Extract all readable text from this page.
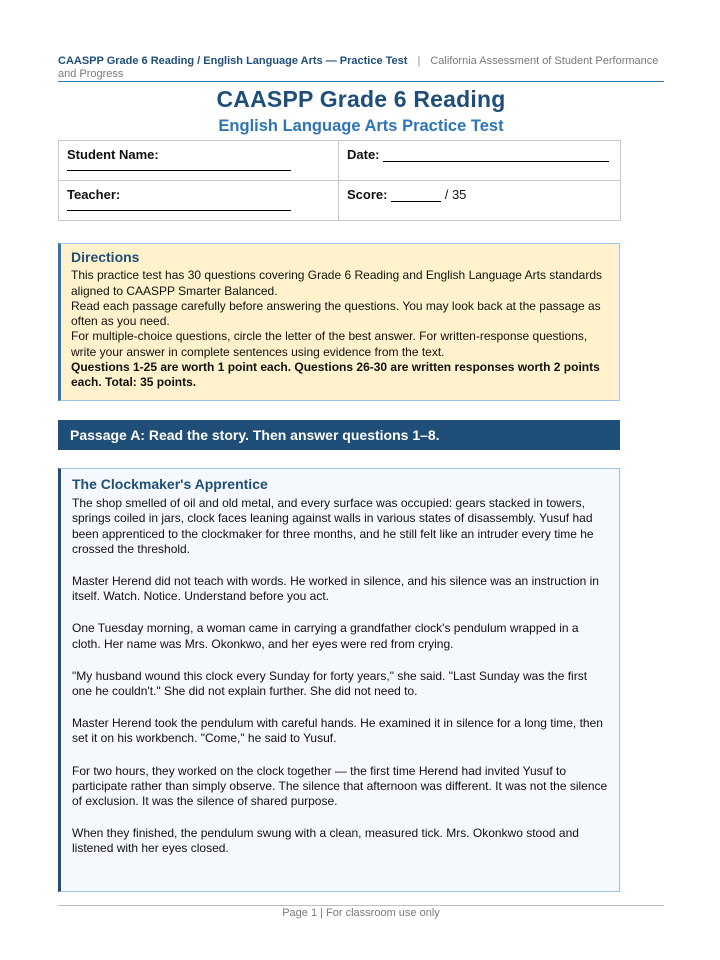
CAASPP Grade 6 Reading / English Language Arts — Practice Test | California Assessment of Student Performance and Progress
CAASPP Grade 6 Reading
English Language Arts Practice Test
Student Name:	Date:
Teacher:	Score: / 35
Directions

This practice test has 30 questions covering Grade 6 Reading and English Language Arts standards aligned to CAASPP Smarter Balanced.

Read each passage carefully before answering the questions. You may look back at the passage as often as you need.

For multiple-choice questions, circle the letter of the best answer. For written-response questions, write your answer in complete sentences using evidence from the text.

Questions 1-25 are worth 1 point each. Questions 26-30 are written responses worth 2 points each. Total: 35 points.

Passage A: Read the story. Then answer questions 1–8.
The Clockmaker's Apprentice

The shop smelled of oil and old metal, and every surface was occupied: gears stacked in towers, springs coiled in jars, clock faces leaning against walls in various states of disassembly. Yusuf had been apprenticed to the clockmaker for three months, and he still felt like an intruder every time he crossed the threshold.

Master Herend did not teach with words. He worked in silence, and his silence was an instruction in itself. Watch. Notice. Understand before you act.

One Tuesday morning, a woman came in carrying a grandfather clock's pendulum wrapped in a cloth. Her name was Mrs. Okonkwo, and her eyes were red from crying.

"My husband wound this clock every Sunday for forty years," she said. "Last Sunday was the first one he couldn't." She did not explain further. She did not need to.

Master Herend took the pendulum with careful hands. He examined it in silence for a long time, then set it on his workbench. "Come," he said to Yusuf.

For two hours, they worked on the clock together — the first time Herend had invited Yusuf to participate rather than simply observe. The silence that afternoon was different. It was not the silence of exclusion. It was the silence of shared purpose.

When they finished, the pendulum swung with a clean, measured tick. Mrs. Okonkwo stood and listened with her eyes closed.

Page 1 | For classroom use only
